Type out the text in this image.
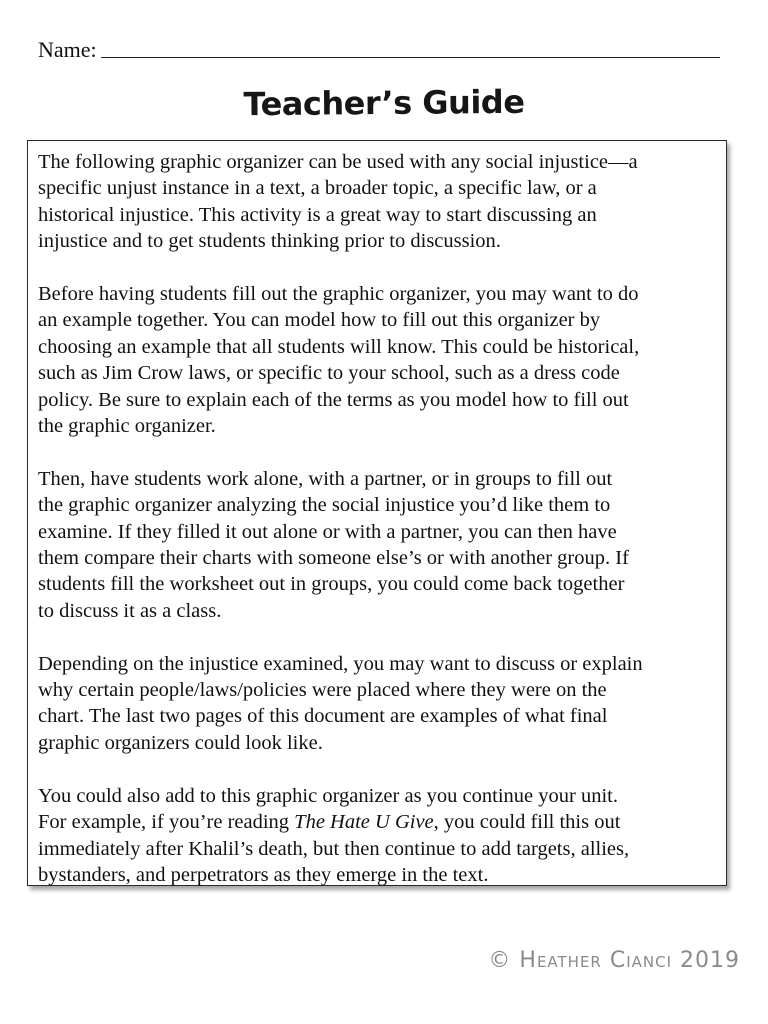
Name:
Teacher’s Guide

The following graphic organizer can be used with any social injustice—a
specific unjust instance in a text, a broader topic, a specific law, or a
historical injustice. This activity is a great way to start discussing an
injustice and to get students thinking prior to discussion.

Before having students fill out the graphic organizer, you may want to do
an example together. You can model how to fill out this organizer by
choosing an example that all students will know. This could be historical,
such as Jim Crow laws, or specific to your school, such as a dress code
policy. Be sure to explain each of the terms as you model how to fill out
the graphic organizer.

Then, have students work alone, with a partner, or in groups to fill out
the graphic organizer analyzing the social injustice you’d like them to
examine. If they filled it out alone or with a partner, you can then have
them compare their charts with someone else’s or with another group. If
students fill the worksheet out in groups, you could come back together
to discuss it as a class.

Depending on the injustice examined, you may want to discuss or explain
why certain people/laws/policies were placed where they were on the
chart. The last two pages of this document are examples of what final
graphic organizers could look like.

You could also add to this graphic organizer as you continue your unit.
For example, if you’re reading The Hate U Give, you could fill this out
immediately after Khalil’s death, but then continue to add targets, allies,
bystanders, and perpetrators as they emerge in the text.

© Heather Cianci 2019
